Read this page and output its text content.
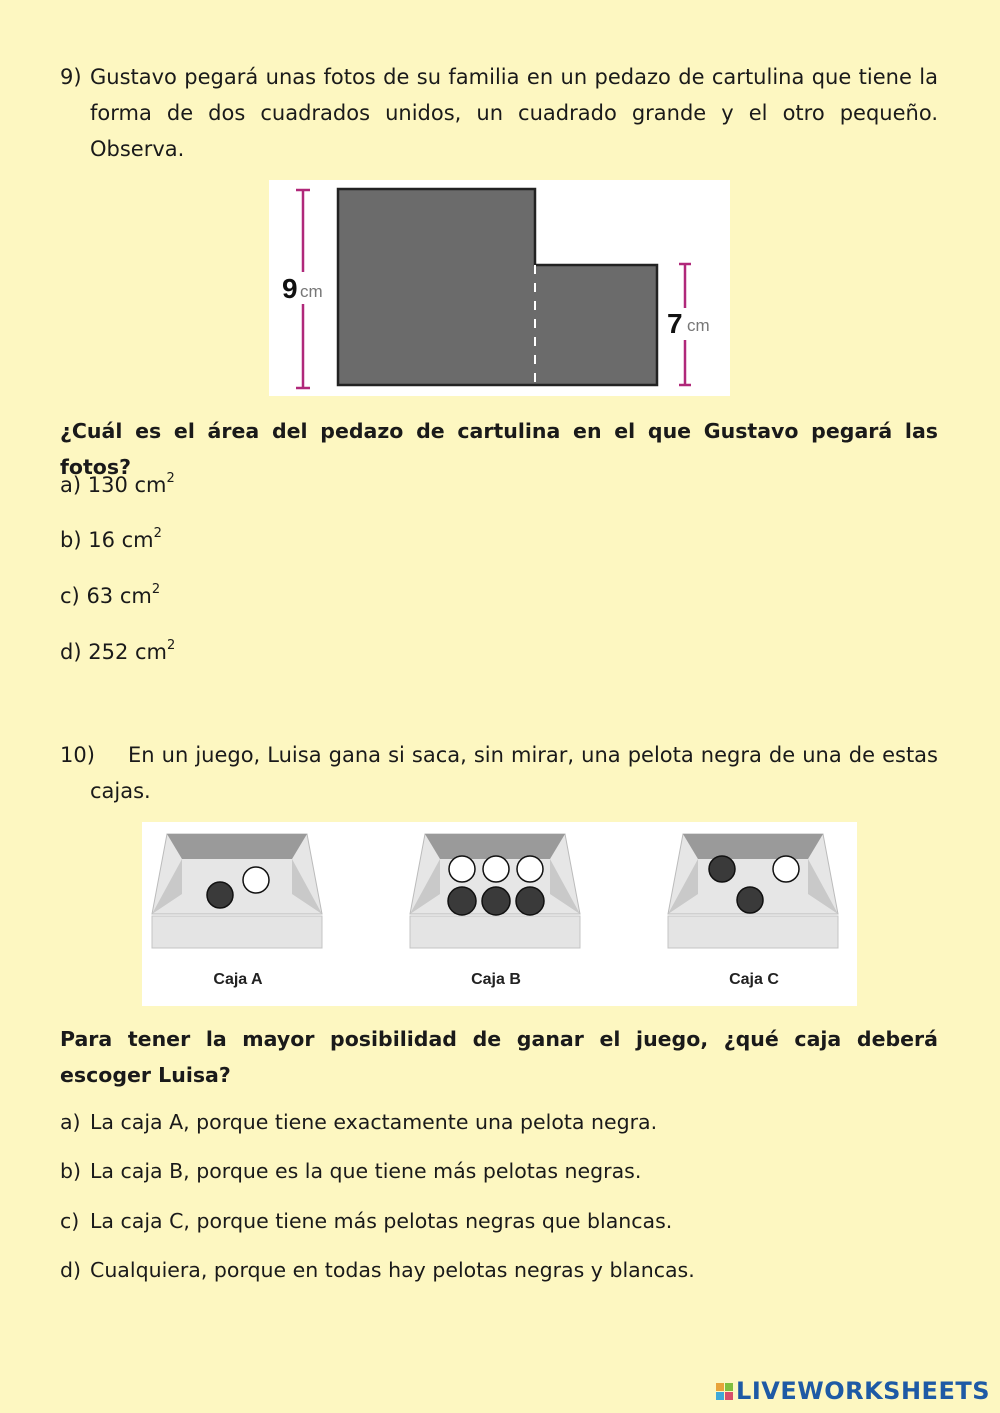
9) Gustavo pegará unas fotos de su familia en un pedazo de cartulina que tiene la forma de dos cuadrados unidos, un cuadrado grande y el otro pequeño. Observa.
9 cm
7 cm
¿Cuál es el área del pedazo de cartulina en el que Gustavo pegará las fotos?
a) 130 $cm^2$
b) 16 $cm^2$
c) 63 $cm^2$
d) 252 $cm^2$
10)	En un juego, Luisa gana si saca, sin mirar, una pelota negra de una de estas cajas.
Caja A	Caja B	Caja C
Para tener la mayor posibilidad de ganar el juego, ¿qué caja deberá escoger Luisa?
a) La caja A, porque tiene exactamente una pelota negra.
b) La caja B, porque es la que tiene más pelotas negras.
c) La caja C, porque tiene más pelotas negras que blancas.
d) Cualquiera, porque en todas hay pelotas negras y blancas.
LIVEWORKSHEETS
